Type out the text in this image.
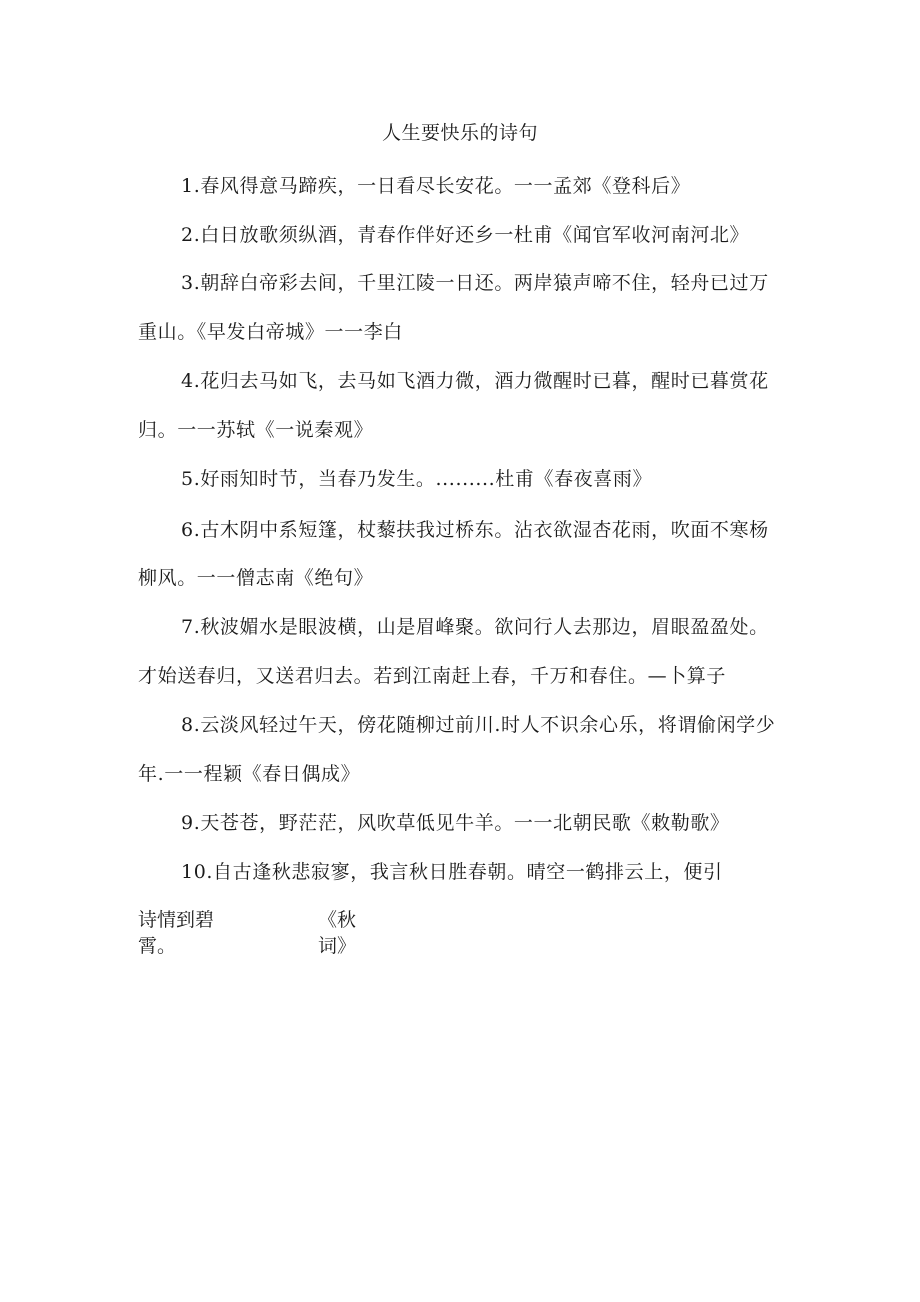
人生要快乐的诗句
1.春风得意马蹄疾，一日看尽长安花。一一孟郊《登科后》
2.白日放歌须纵酒，青春作伴好还乡一杜甫《闻官军收河南河北》
3.朝辞白帝彩去间，千里江陵一日还。两岸猿声啼不住，轻舟已过万
重山。《早发白帝城》一一李白
4.花归去马如飞，去马如飞酒力微，酒力微醒时已暮，醒时已暮赏花
归。一一苏轼《一说秦观》
5.好雨知时节，当春乃发生。.........杜甫《春夜喜雨》
6.古木阴中系短篷，杖藜扶我过桥东。沾衣欲湿杏花雨，吹面不寒杨
柳风。一一僧志南《绝句》
7.秋波媚水是眼波横，山是眉峰聚。欲问行人去那边，眉眼盈盈处。
才始送春归，又送君归去。若到江南赶上春，千万和春住。—卜算子
8.云淡风轻过午天，傍花随柳过前川.时人不识余心乐，将谓偷闲学少
年.一一程颖《春日偶成》
9.天苍苍，野茫茫，风吹草低见牛羊。一一北朝民歌《敕勒歌》
10.自古逢秋悲寂寥，我言秋日胜春朝。晴空一鹤排云上，便引
诗情到碧
霄。
《秋
词》
